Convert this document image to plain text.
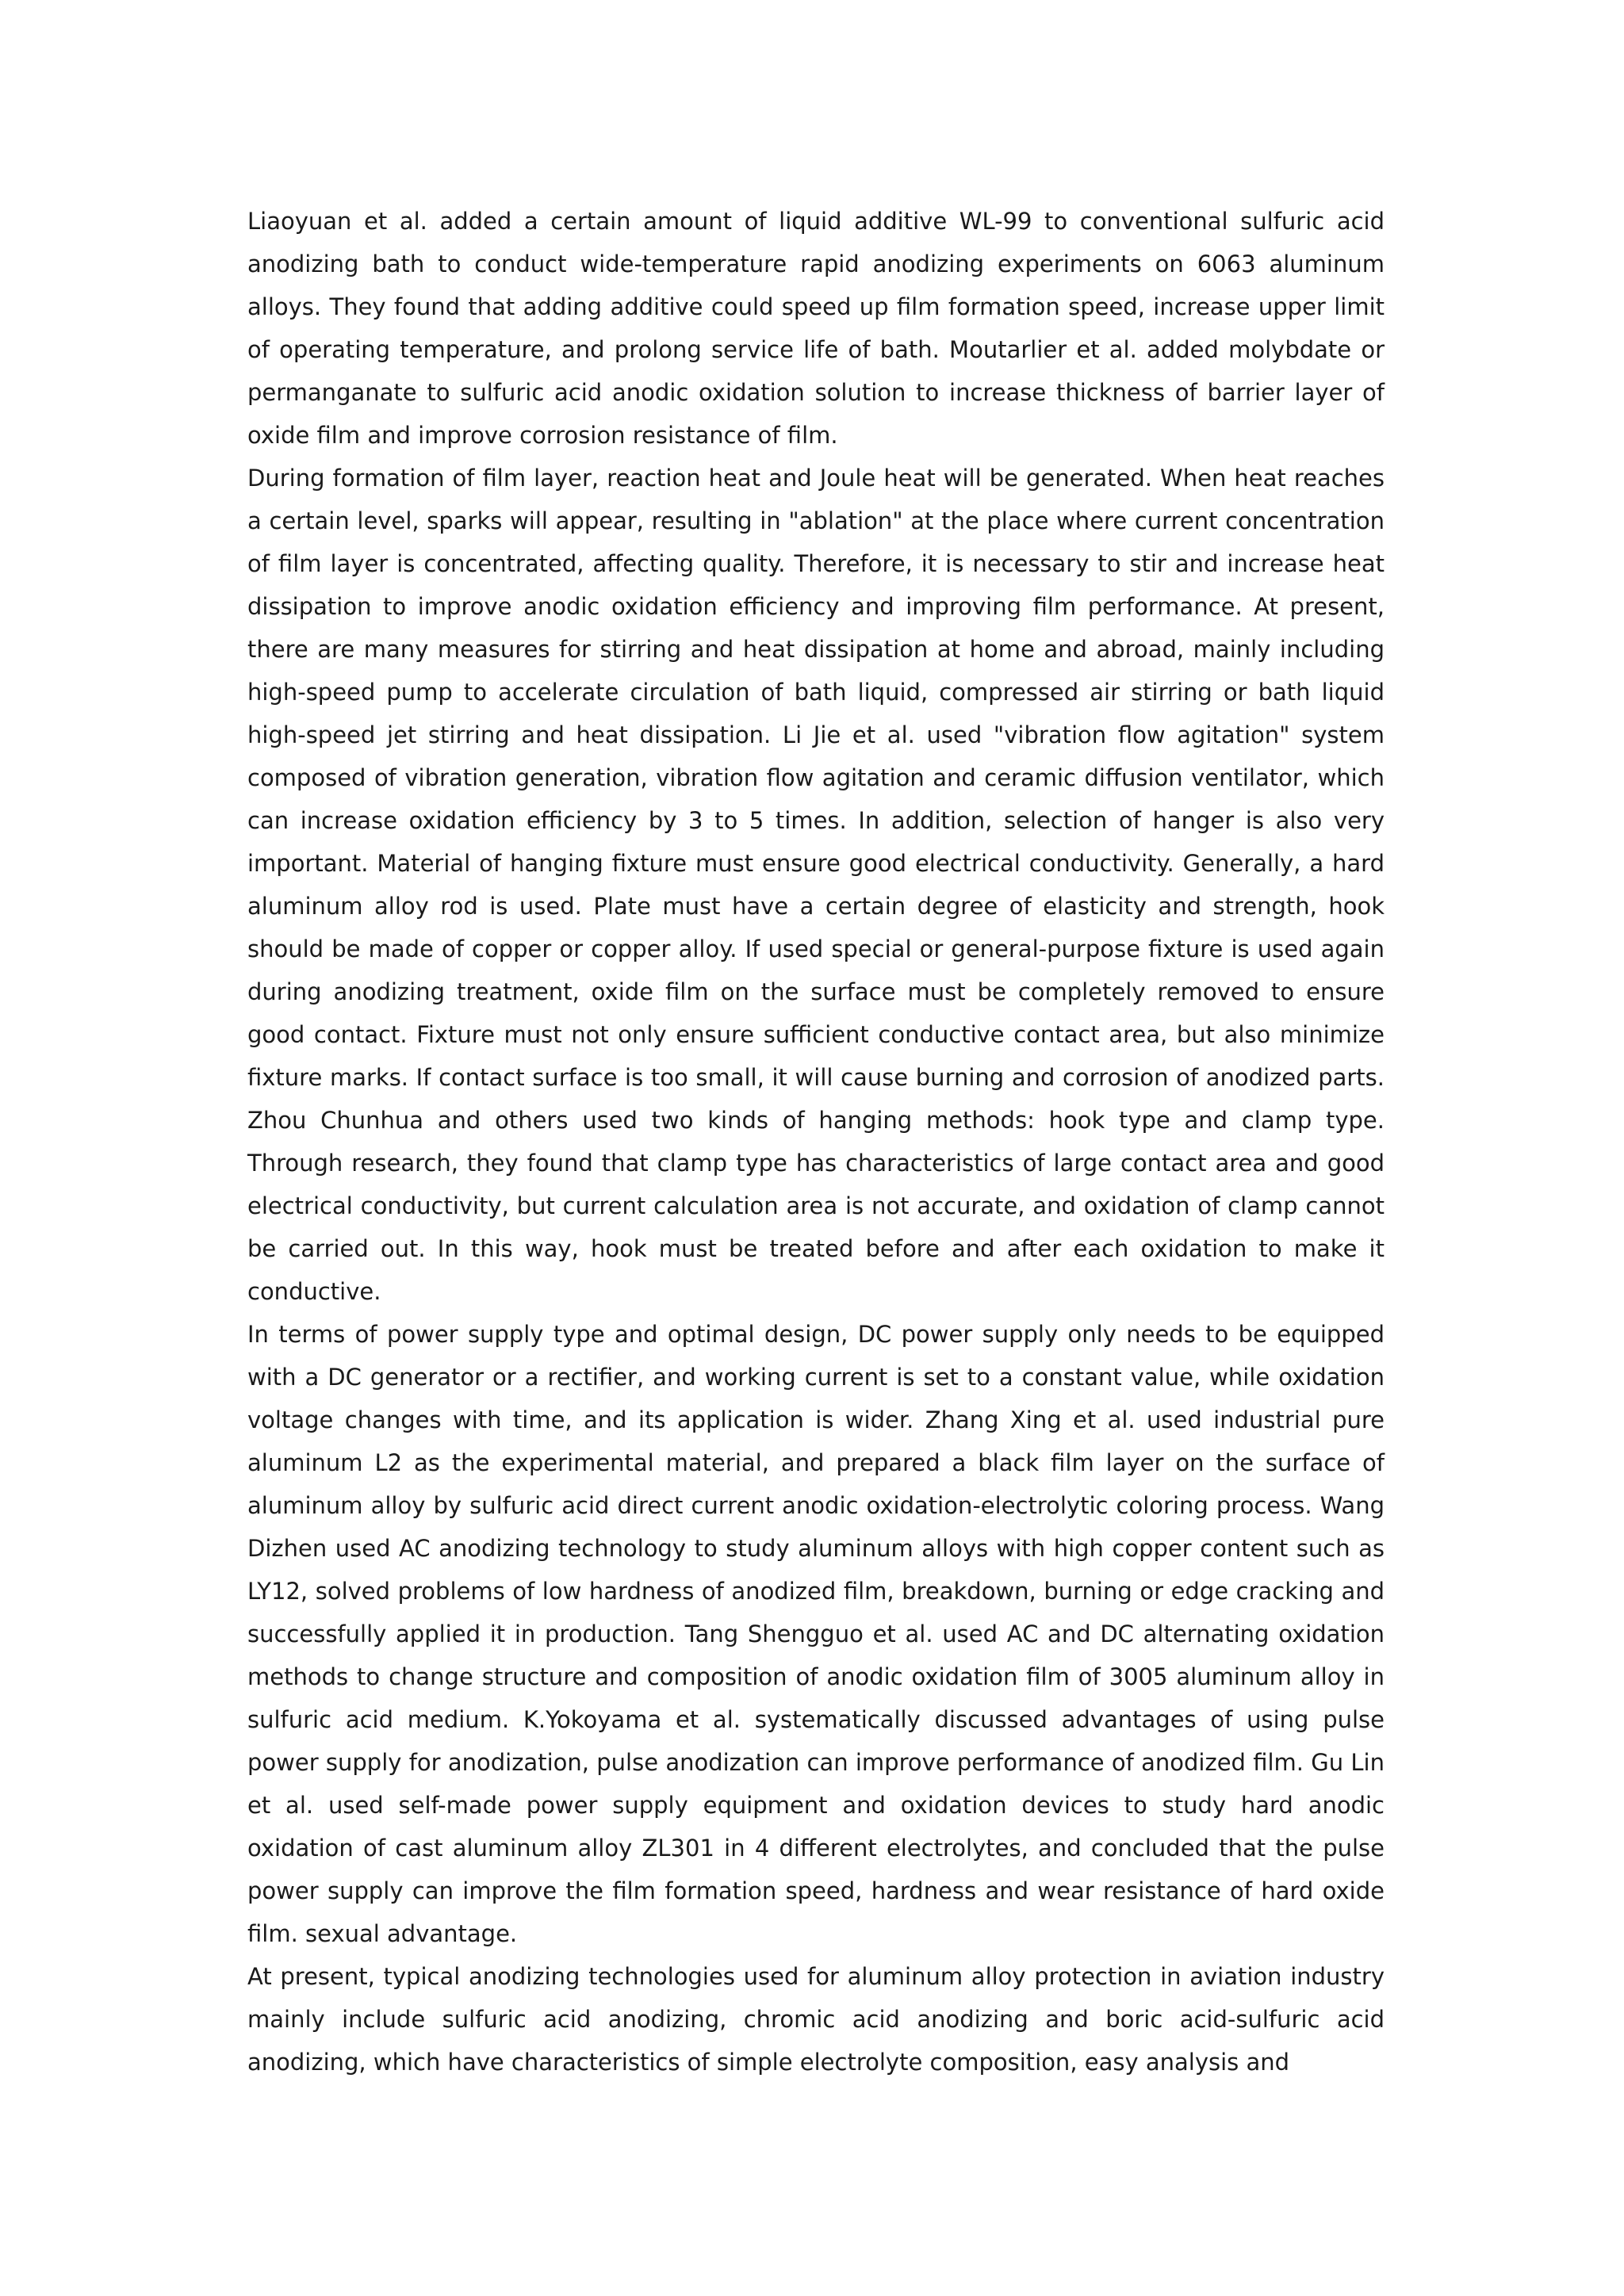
Liaoyuan et al. added a certain amount of liquid additive WL-99 to conventional sulfuric acid anodizing bath to conduct wide-temperature rapid anodizing experiments on 6063 aluminum alloys. They found that adding additive could speed up film formation speed, increase upper limit of operating temperature, and prolong service life of bath. Moutarlier et al. added molybdate or permanganate to sulfuric acid anodic oxidation solution to increase thickness of barrier layer of oxide film and improve corrosion resistance of film.

During formation of film layer, reaction heat and Joule heat will be generated. When heat reaches a certain level, sparks will appear, resulting in "ablation" at the place where current concentration of film layer is concentrated, affecting quality. Therefore, it is necessary to stir and increase heat dissipation to improve anodic oxidation efficiency and improving film performance. At present, there are many measures for stirring and heat dissipation at home and abroad, mainly including high-speed pump to accelerate circulation of bath liquid, compressed air stirring or bath liquid high-speed jet stirring and heat dissipation. Li Jie et al. used "vibration flow agitation" system composed of vibration generation, vibration flow agitation and ceramic diffusion ventilator, which can increase oxidation efficiency by 3 to 5 times. In addition, selection of hanger is also very important. Material of hanging fixture must ensure good electrical conductivity. Generally, a hard aluminum alloy rod is used. Plate must have a certain degree of elasticity and strength, hook should be made of copper or copper alloy. If used special or general-purpose fixture is used again during anodizing treatment, oxide film on the surface must be completely removed to ensure good contact. Fixture must not only ensure sufficient conductive contact area, but also minimize fixture marks. If contact surface is too small, it will cause burning and corrosion of anodized parts. Zhou Chunhua and others used two kinds of hanging methods: hook type and clamp type. Through research, they found that clamp type has characteristics of large contact area and good electrical conductivity, but current calculation area is not accurate, and oxidation of clamp cannot be carried out. In this way, hook must be treated before and after each oxidation to make it conductive.

In terms of power supply type and optimal design, DC power supply only needs to be equipped with a DC generator or a rectifier, and working current is set to a constant value, while oxidation voltage changes with time, and its application is wider. Zhang Xing et al. used industrial pure aluminum L2 as the experimental material, and prepared a black film layer on the surface of aluminum alloy by sulfuric acid direct current anodic oxidation-electrolytic coloring process. Wang Dizhen used AC anodizing technology to study aluminum alloys with high copper content such as LY12, solved problems of low hardness of anodized film, breakdown, burning or edge cracking and successfully applied it in production. Tang Shengguo et al. used AC and DC alternating oxidation methods to change structure and composition of anodic oxidation film of 3005 aluminum alloy in sulfuric acid medium. K.Yokoyama et al. systematically discussed advantages of using pulse power supply for anodization, pulse anodization can improve performance of anodized film. Gu Lin et al. used self-made power supply equipment and oxidation devices to study hard anodic oxidation of cast aluminum alloy ZL301 in 4 different electrolytes, and concluded that the pulse power supply can improve the film formation speed, hardness and wear resistance of hard oxide film. sexual advantage.

At present, typical anodizing technologies used for aluminum alloy protection in aviation industry mainly include sulfuric acid anodizing, chromic acid anodizing and boric acid-sulfuric acid anodizing, which have characteristics of simple electrolyte composition, easy analysis and
